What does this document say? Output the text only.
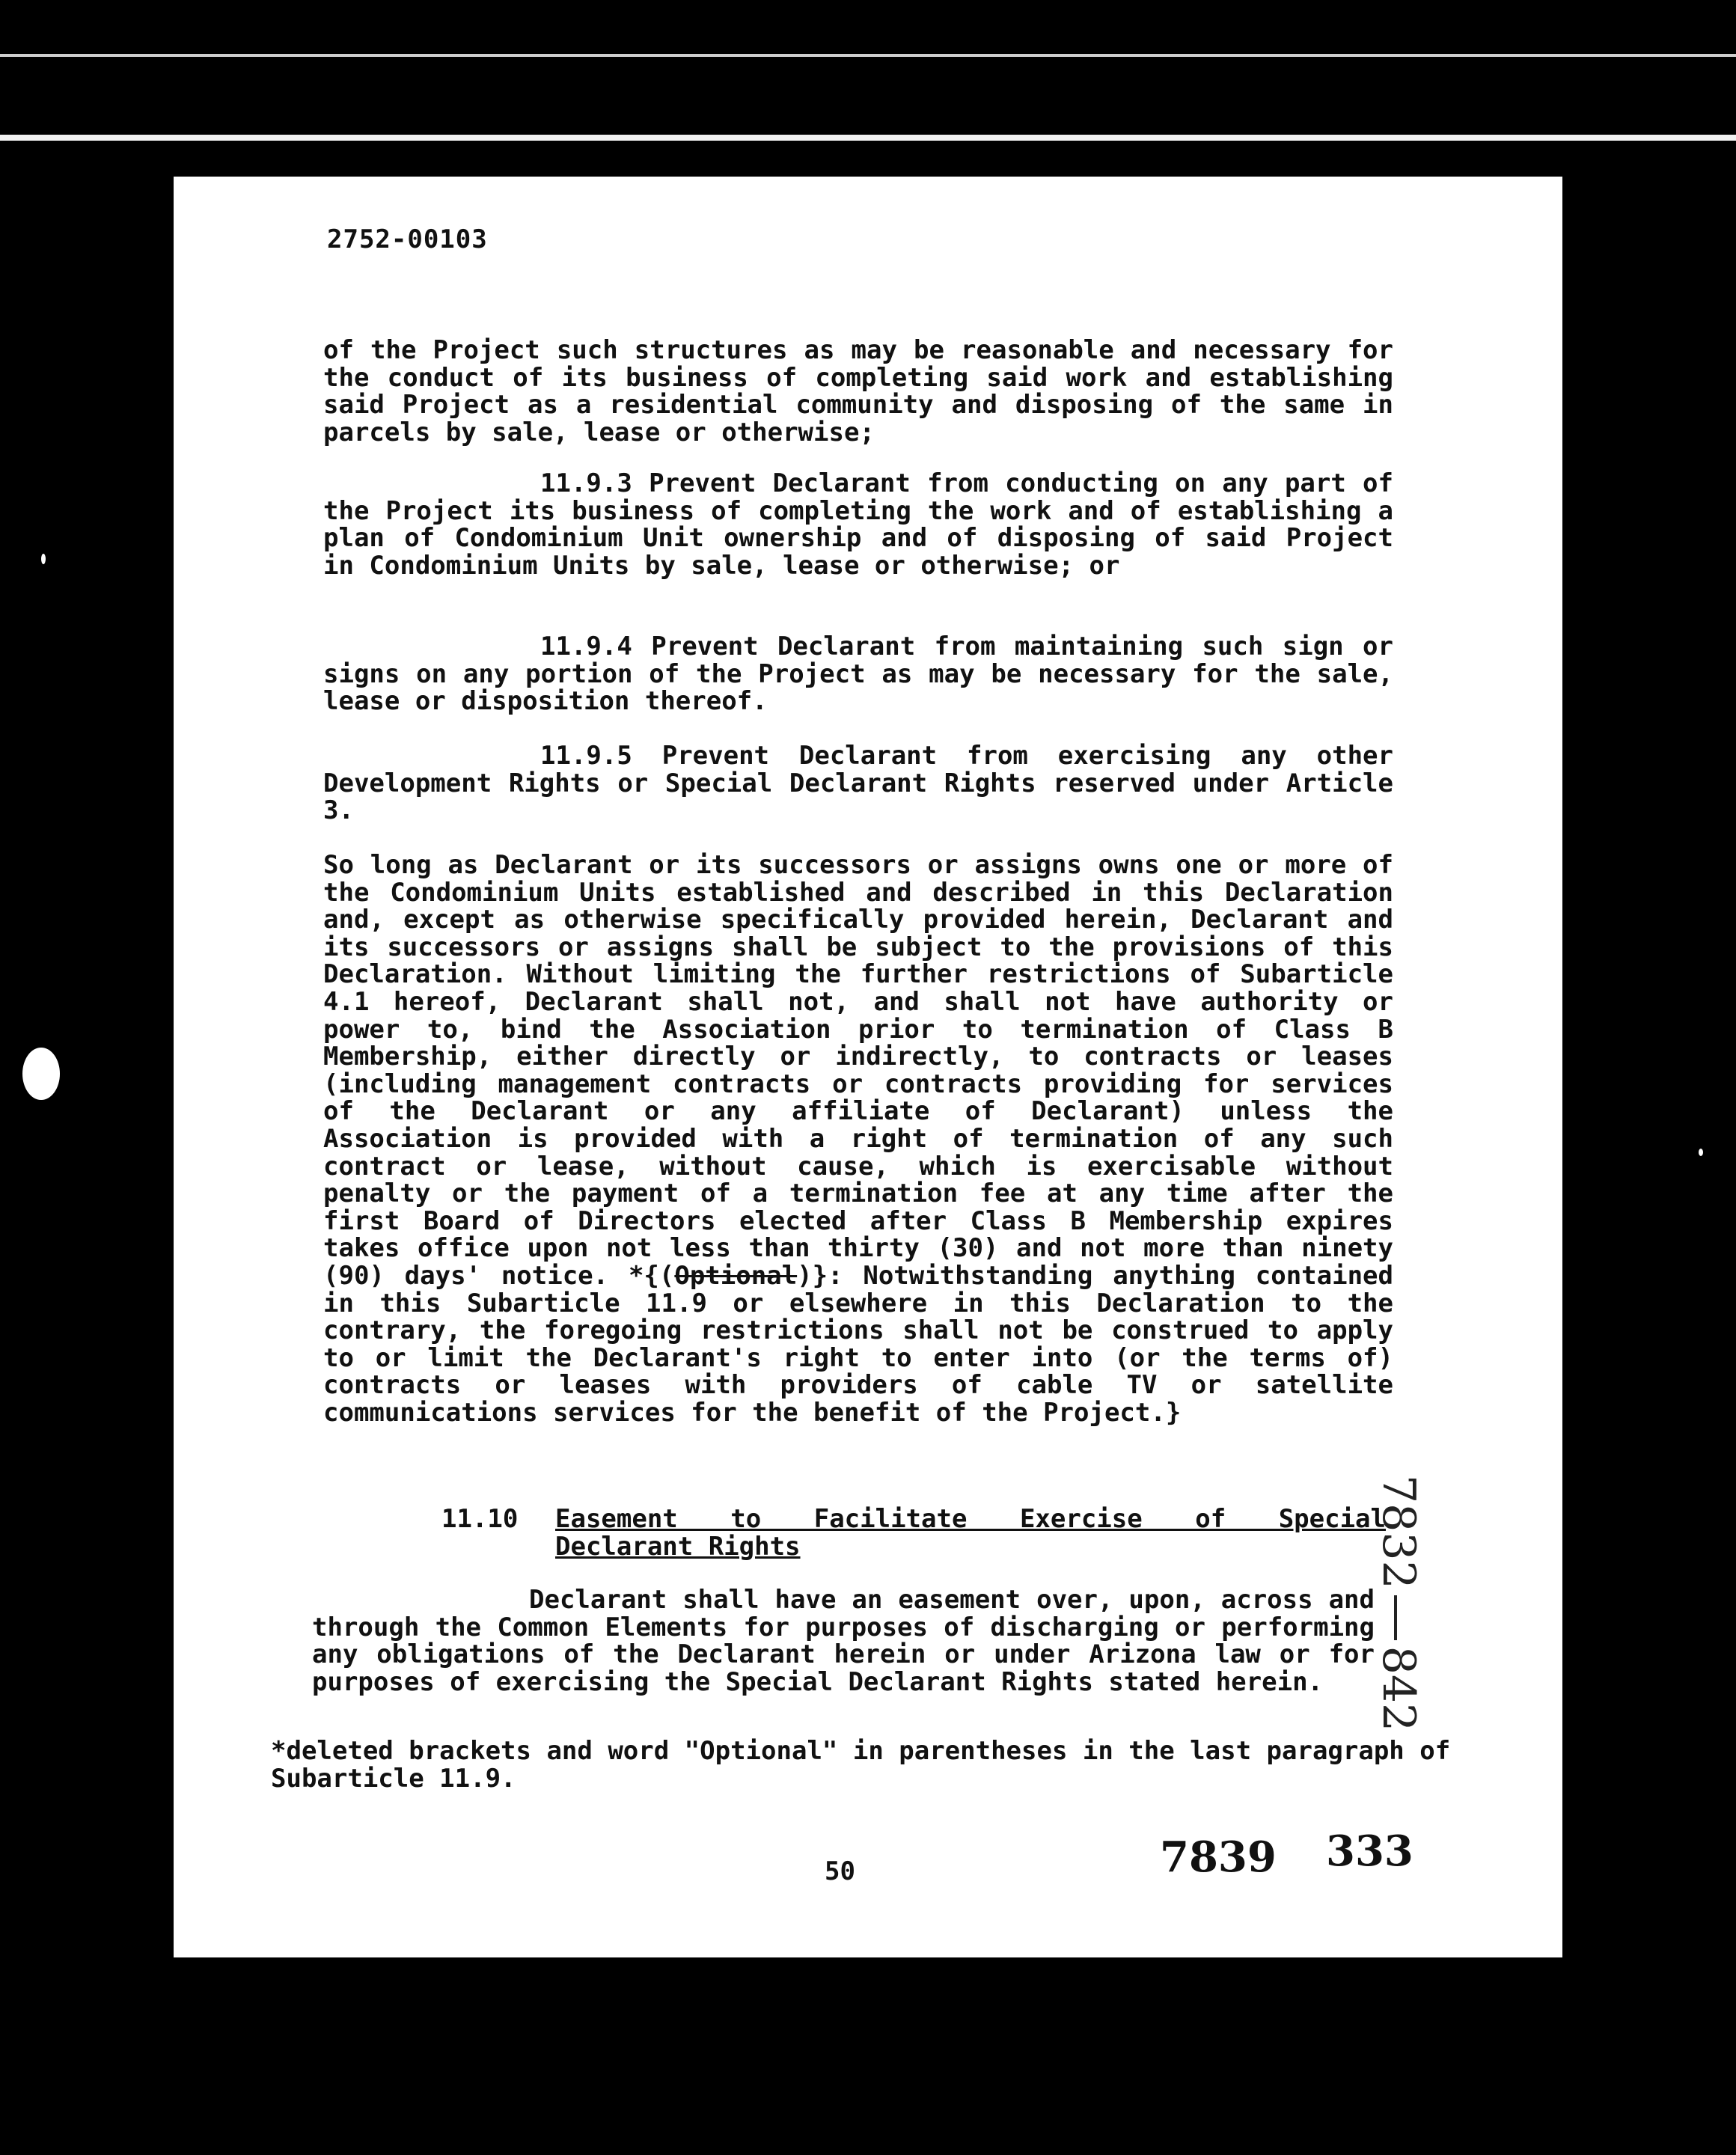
2752-00103

of the Project such structures as may be reasonable and necessary for the conduct of its business of completing said work and establishing said Project as a residential community and disposing of the same in parcels by sale, lease or otherwise;

11.9.3 Prevent Declarant from conducting on any part of the Project its business of completing the work and of establishing a plan of Condominium Unit ownership and of disposing of said Project in Condominium Units by sale, lease or otherwise; or

11.9.4 Prevent Declarant from maintaining such sign or signs on any portion of the Project as may be necessary for the sale, lease or disposition thereof.

11.9.5 Prevent Declarant from exercising any other Development Rights or Special Declarant Rights reserved under Article 3.

So long as Declarant or its successors or assigns owns one or more of the Condominium Units established and described in this Declaration and, except as otherwise specifically provided herein, Declarant and its successors or assigns shall be subject to the provisions of this Declaration. Without limiting the further restrictions of Subarticle 4.1 hereof, Declarant shall not, and shall not have authority or power to, bind the Association prior to termination of Class B Membership, either directly or indirectly, to contracts or leases (including management contracts or contracts providing for services of the Declarant or any affiliate of Declarant) unless the Association is provided with a right of termination of any such contract or lease, without cause, which is exercisable without penalty or the payment of a termination fee at any time after the first Board of Directors elected after Class B Membership expires takes office upon not less than thirty (30) and not more than ninety (90) days' notice. *{(Optional)}: Notwithstanding anything contained in this Subarticle 11.9 or elsewhere in this Declaration to the contrary, the foregoing restrictions shall not be construed to apply to or limit the Declarant's right to enter into (or the terms of) contracts or leases with providers of cable TV or satellite communications services for the benefit of the Project.}

11.10 Easement to Facilitate Exercise of Special
Declarant Rights

Declarant shall have an easement over, upon, across and through the Common Elements for purposes of discharging or performing any obligations of the Declarant herein or under Arizona law or for purposes of exercising the Special Declarant Rights stated herein.

*deleted brackets and word "Optional" in parentheses in the last paragraph of Subarticle 11.9.

50	7839 333

7832842
